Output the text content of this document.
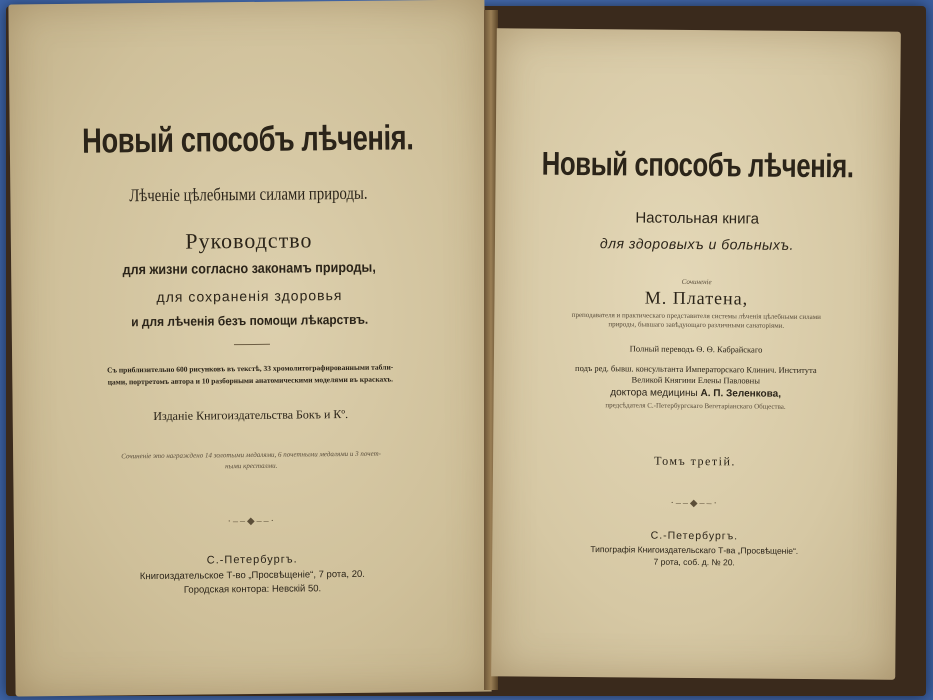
Новый способъ лѣченія.
Лѣченіе цѣлебными силами природы.
Руководство
для жизни согласно законамъ природы,
для сохраненія здоровья
и для лѣченія безъ помощи лѣкарствъ.
Съ приблизительно 600 рисунковъ въ текстѣ, 33 хромолитографированными табли-
цами, портретомъ автора и 10 разборными анатомическими моделями въ краскахъ.
Изданіе Книгоиздательства Бокъ и Кº.
Сочиненіе это награждено 14 золотыми медалями, 6 почетными медалями и 3 почет-
ными кресталми.
·‒‒◆‒‒·
С.-Петербургъ.
Книгоиздательское Т-во „Просвѣщеніе“, 7 рота, 20.
Городская контора: Невскій 50.
Новый способъ лѣченія.
Настольная книга
для здоровыхъ и больныхъ.
Сочиненіе
М. Платена,
преподавателя и практическаго представителя системы лѣченія цѣлебными силами
природы, бывшаго завѣдующаго различными санаторіями.
Полный переводъ Ѳ. Ѳ. Кабрайскаго
подъ ред. бывш. консультанта Императорскаго Клинич. Института
Великой Княгини Елены Павловны
доктора медицины А. П. Зеленкова,
предсѣдателя С.-Петербургскаго Вегетаріанскаго Общества.
Томъ третій.
·‒‒◆‒‒·
С.-Петербургъ.
Типографія Книгоиздательскаго Т-ва „Просвѣщеніе“.
7 рота, соб. д. № 20.
